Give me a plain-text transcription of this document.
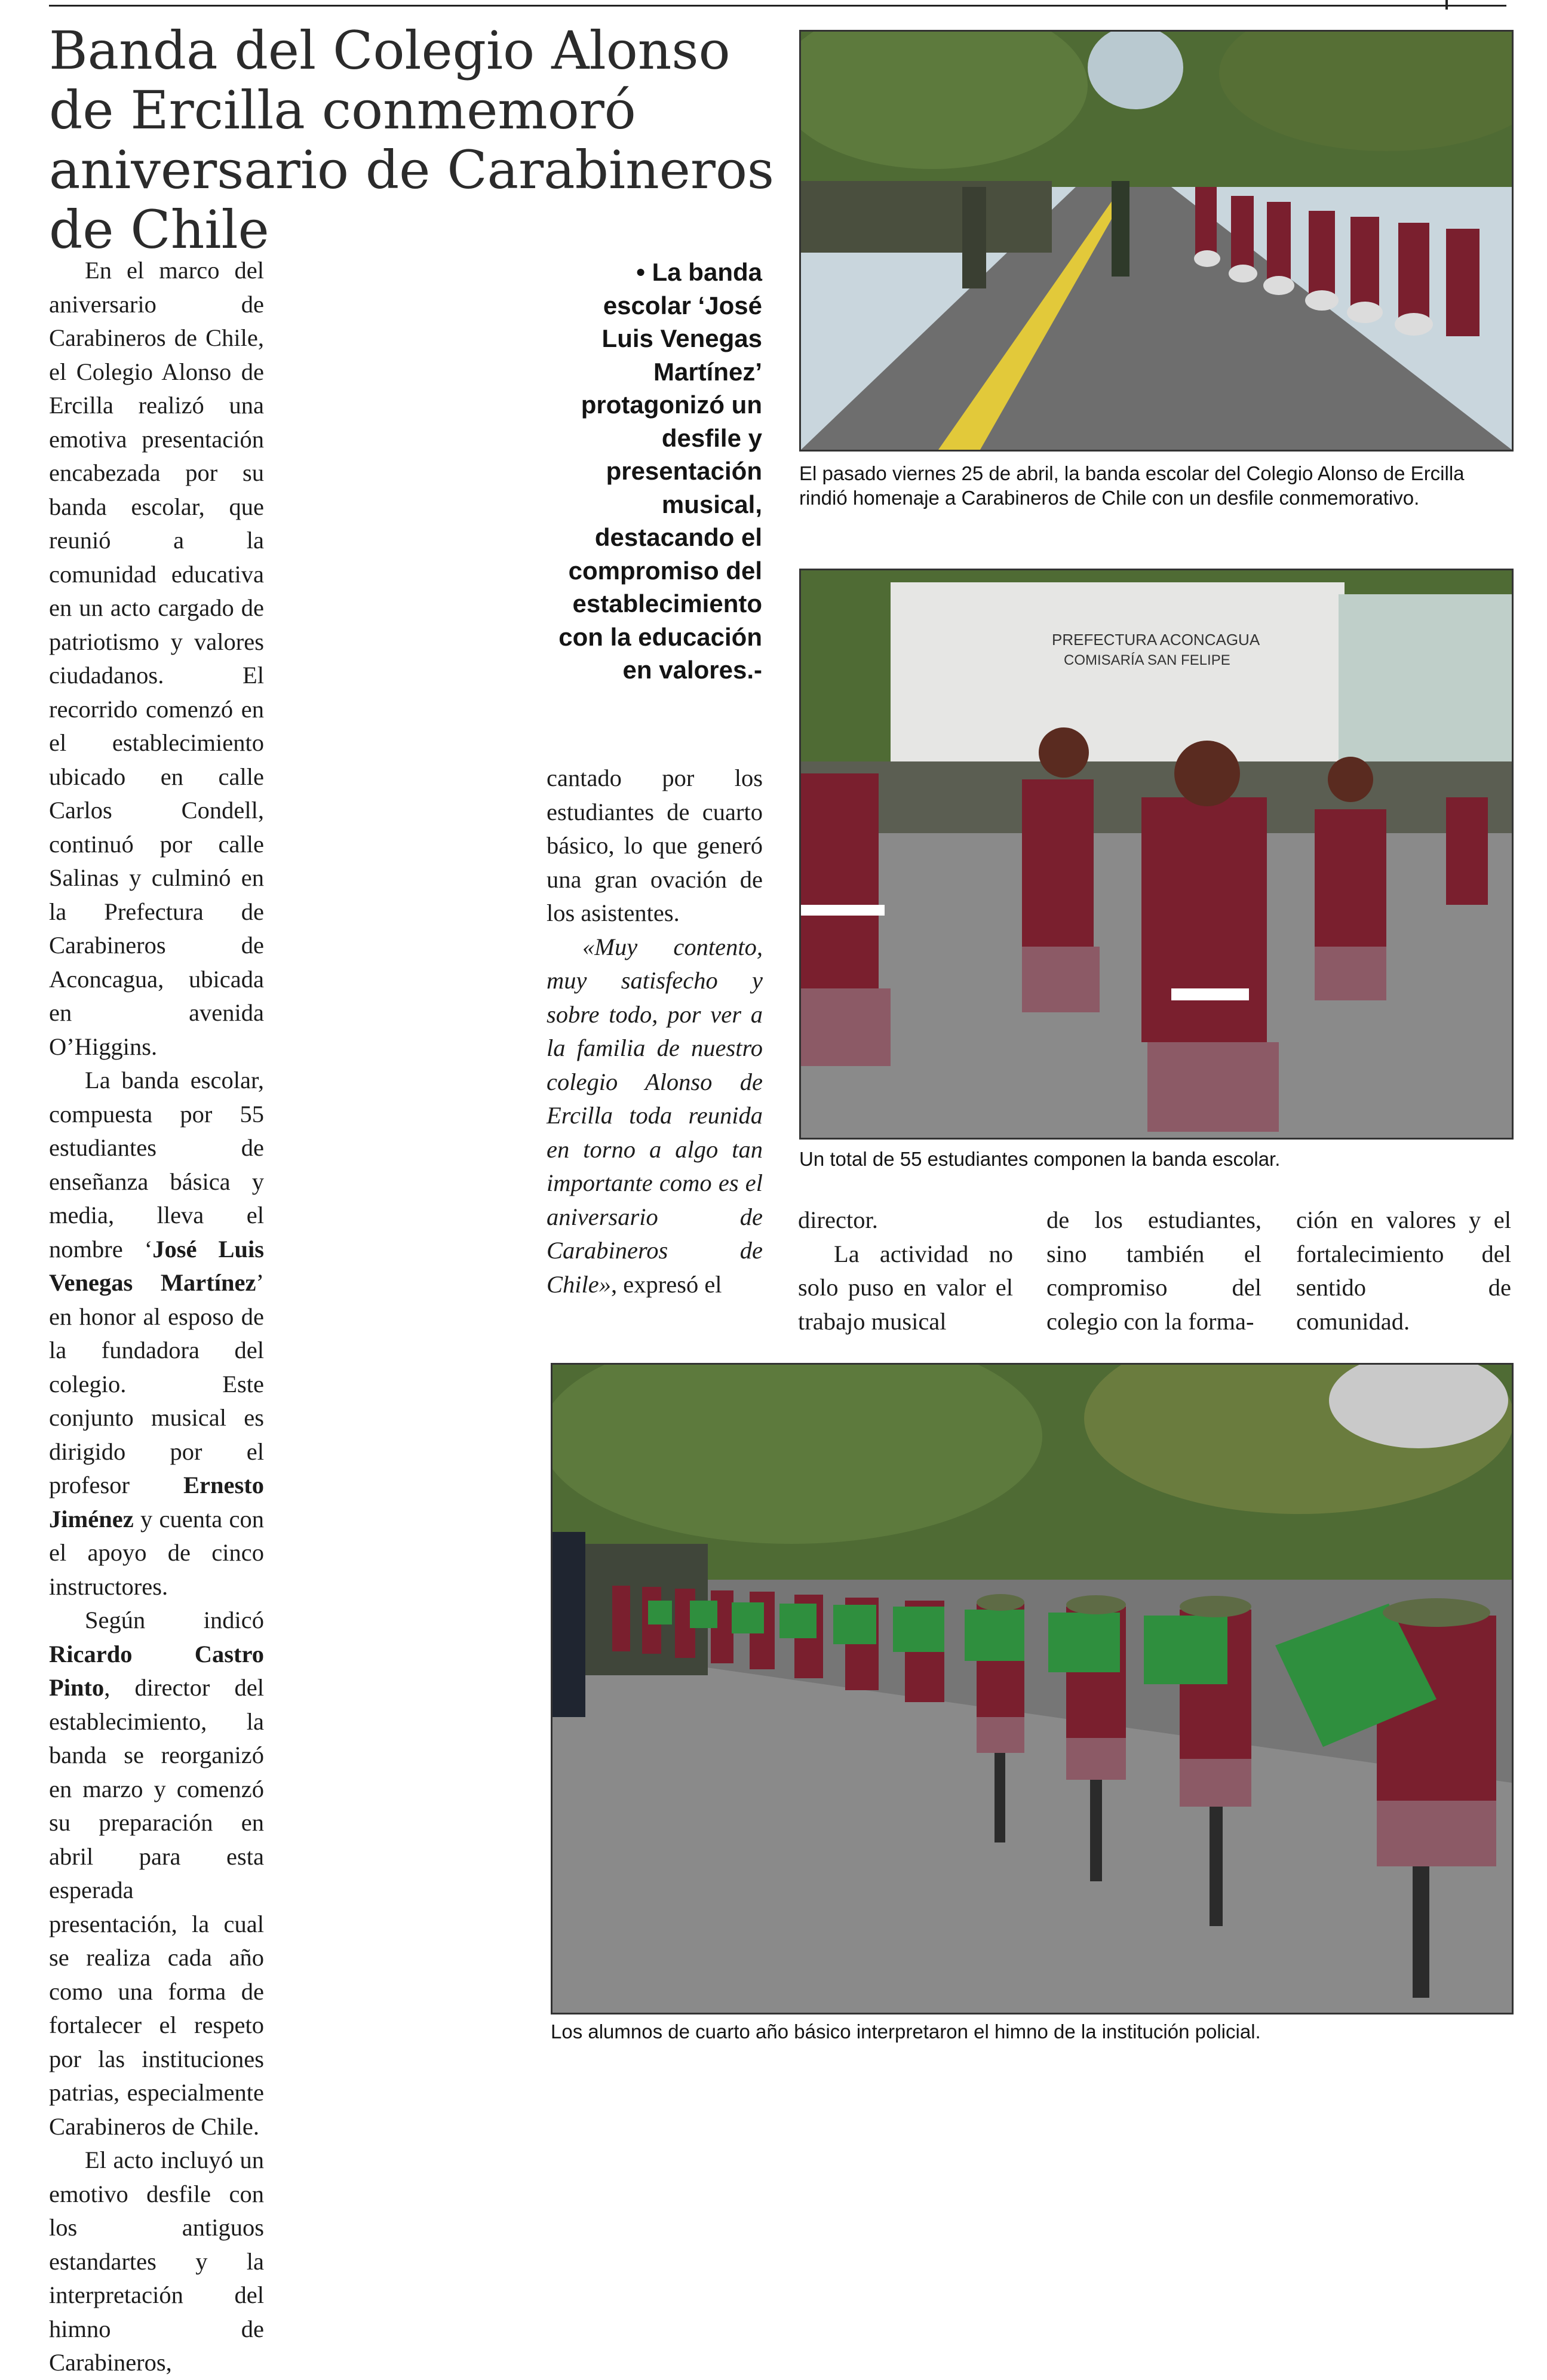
Banda del Colegio Alonso de Ercilla conmemoró aniversario de Carabineros de Chile

En el marco del aniversario de Carabineros de Chile, el Colegio Alonso de Ercilla realizó una emotiva presentación encabezada por su banda escolar, que reunió a la comunidad educativa en un acto cargado de patriotismo y valores ciudadanos. El recorrido comenzó en el establecimiento ubicado en calle Carlos Condell, continuó por calle Salinas y culminó en la Prefectura de Carabineros de Aconcagua, ubicada en avenida O’Higgins.

La banda escolar, compuesta por 55 estudiantes de enseñanza básica y media, lleva el nombre ‘José Luis Venegas Martínez’ en honor al esposo de la fundadora del colegio. Este conjunto musical es dirigido por el profesor Ernesto Jiménez y cuenta con el apoyo de cinco instructores.

Según indicó Ricardo Castro Pinto, director del establecimiento, la banda se reorganizó en marzo y comenzó su preparación en abril para esta esperada presentación, la cual se realiza cada año como una forma de fortalecer el respeto por las instituciones patrias, especialmente Carabineros de Chile.

El acto incluyó un emotivo desfile con los antiguos estandartes y la interpretación del himno de Carabineros,

• La banda escolar ‘José Luis Venegas Martínez’ protagonizó un desfile y presentación musical, destacando el compromiso del establecimiento con la educación en valores.-

cantado por los estudiantes de cuarto básico, lo que generó una gran ovación de los asistentes.

«Muy contento, muy satisfecho y sobre todo, por ver a la familia de nuestro colegio Alonso de Ercilla toda reunida en torno a algo tan importante como es el aniversario de Carabineros de Chile», expresó el

director.

La actividad no solo puso en valor el trabajo musical

de los estudiantes, sino también el compromiso del colegio con la forma-

ción en valores y el fortalecimiento del sentido de comunidad.

El pasado viernes 25 de abril, la banda escolar del Colegio Alonso de Ercilla rindió homenaje a Carabineros de Chile con un desfile conmemorativo.
PREFECTURA ACONCAGUA
COMISARÍA SAN FELIPE
Un total de 55 estudiantes componen la banda escolar.
Los alumnos de cuarto año básico interpretaron el himno de la institución policial.
